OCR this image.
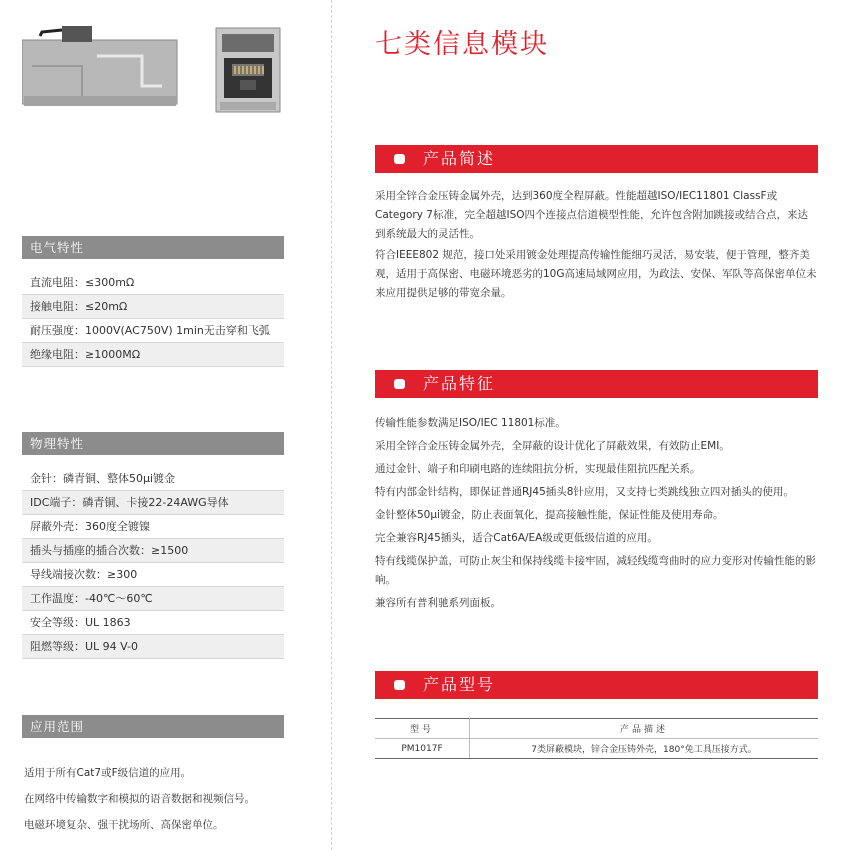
电气特性
直流电阻：≤300mΩ
接触电阻：≤20mΩ
耐压强度：1000V(AC750V) 1min无击穿和飞弧
绝缘电阻：≥1000MΩ
物理特性
金针：磷青铜、整体50μi镀金
IDC端子：磷青铜、卡接22-24AWG导体
屏蔽外壳：360度全镀镍
插头与插座的插合次数：≥1500
导线端接次数：≥300
工作温度：-40℃～60℃
安全等级：UL 1863
阻燃等级：UL 94 V-0
应用范围
适用于所有Cat7或F级信道的应用。
在网络中传输数字和模拟的语音数据和视频信号。
电磁环境复杂、强干扰场所、高保密单位。
七类信息模块
产品简述

采用全锌合金压铸金属外壳，达到360度全程屏蔽。性能超越ISO/IEC11801 ClassF或Category 7标准，完全超越ISO四个连接点信道模型性能，允许包含附加跳接或结合点，来达到系统最大的灵活性。

符合IEEE802 规范，接口处采用镀金处理提高传输性能细巧灵活，易安装，便于管理，整齐美观，适用于高保密、电磁环境恶劣的10G高速局域网应用，为政法、安保、军队等高保密单位未来应用提供足够的带宽余量。

产品特征
传输性能参数满足ISO/IEC 11801标准。
采用全锌合金压铸金属外壳，全屏蔽的设计优化了屏蔽效果，有效防止EMI。
通过金针、端子和印刷电路的连续阻抗分析，实现最佳阻抗匹配关系。
特有内部金针结构，即保证普通RJ45插头8针应用，又支持七类跳线独立四对插头的使用。
金针整体50μi镀金，防止表面氧化，提高接触性能，保证性能及使用寿命。
完全兼容RJ45插头，适合Cat6A/EA级或更低级信道的应用。
特有线缆保护盖，可防止灰尘和保持线缆卡接牢固，减轻线缆弯曲时的应力变形对传输性能的影响。
兼容所有普利驰系列面板。
产品型号
型号	产品描述
PM1017F	7类屏蔽模块，锌合金压铸外壳，180°免工具压接方式。
